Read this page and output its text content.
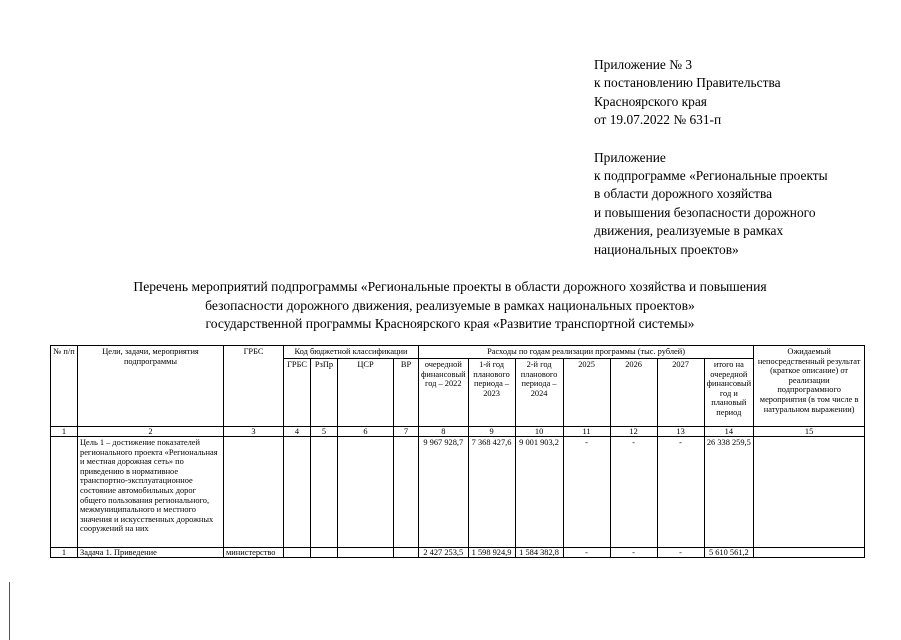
Приложение № 3
к постановлению Правительства
Красноярского края
от 19.07.2022 № 631-п
Приложение
к подпрограмме «Региональные проекты
в области дорожного хозяйства
и повышения безопасности дорожного
движения, реализуемые в рамках
национальных проектов»
Перечень мероприятий подпрограммы «Региональные проекты в области дорожного хозяйства и повышения
безопасности дорожного движения, реализуемые в рамках национальных проектов»
государственной программы Красноярского края «Развитие транспортной системы»
№ п/п	Цели, задачи, мероприятия подпрограммы	ГРБС	Код бюджетной классификации				Расходы по годам реализации программы (тыс. рублей)							Ожидаемый непосредственный результат (краткое описание) от реализации подпрограммного мероприятия (в том числе в натуральном выражении)
			ГРБС	РзПр	ЦСР	ВР	очередной финансовый год – 2022	1-й год планового периода – 2023	2-й год планового периода – 2024	2025	2026	2027	итого на очередной финансовый год и плановый период	
1	2	3	4	5	6	7	8	9	10	11	12	13	14	15
	Цель 1 – достижение показателей регионального проекта «Региональная и местная дорожная сеть» по приведению в нормативное транспортно-эксплуатационное состояние автомобильных дорог общего пользования регионального, межмуниципального и местного значения и искусственных дорожных сооружений на них						9 967 928,7	7 368 427,6	9 001 903,2	-	-	-	26 338 259,5	
1	Задача 1. Приведение	министерство					2 427 253,5	1 598 924,9	1 584 382,8	-	-	-	5 610 561,2	
